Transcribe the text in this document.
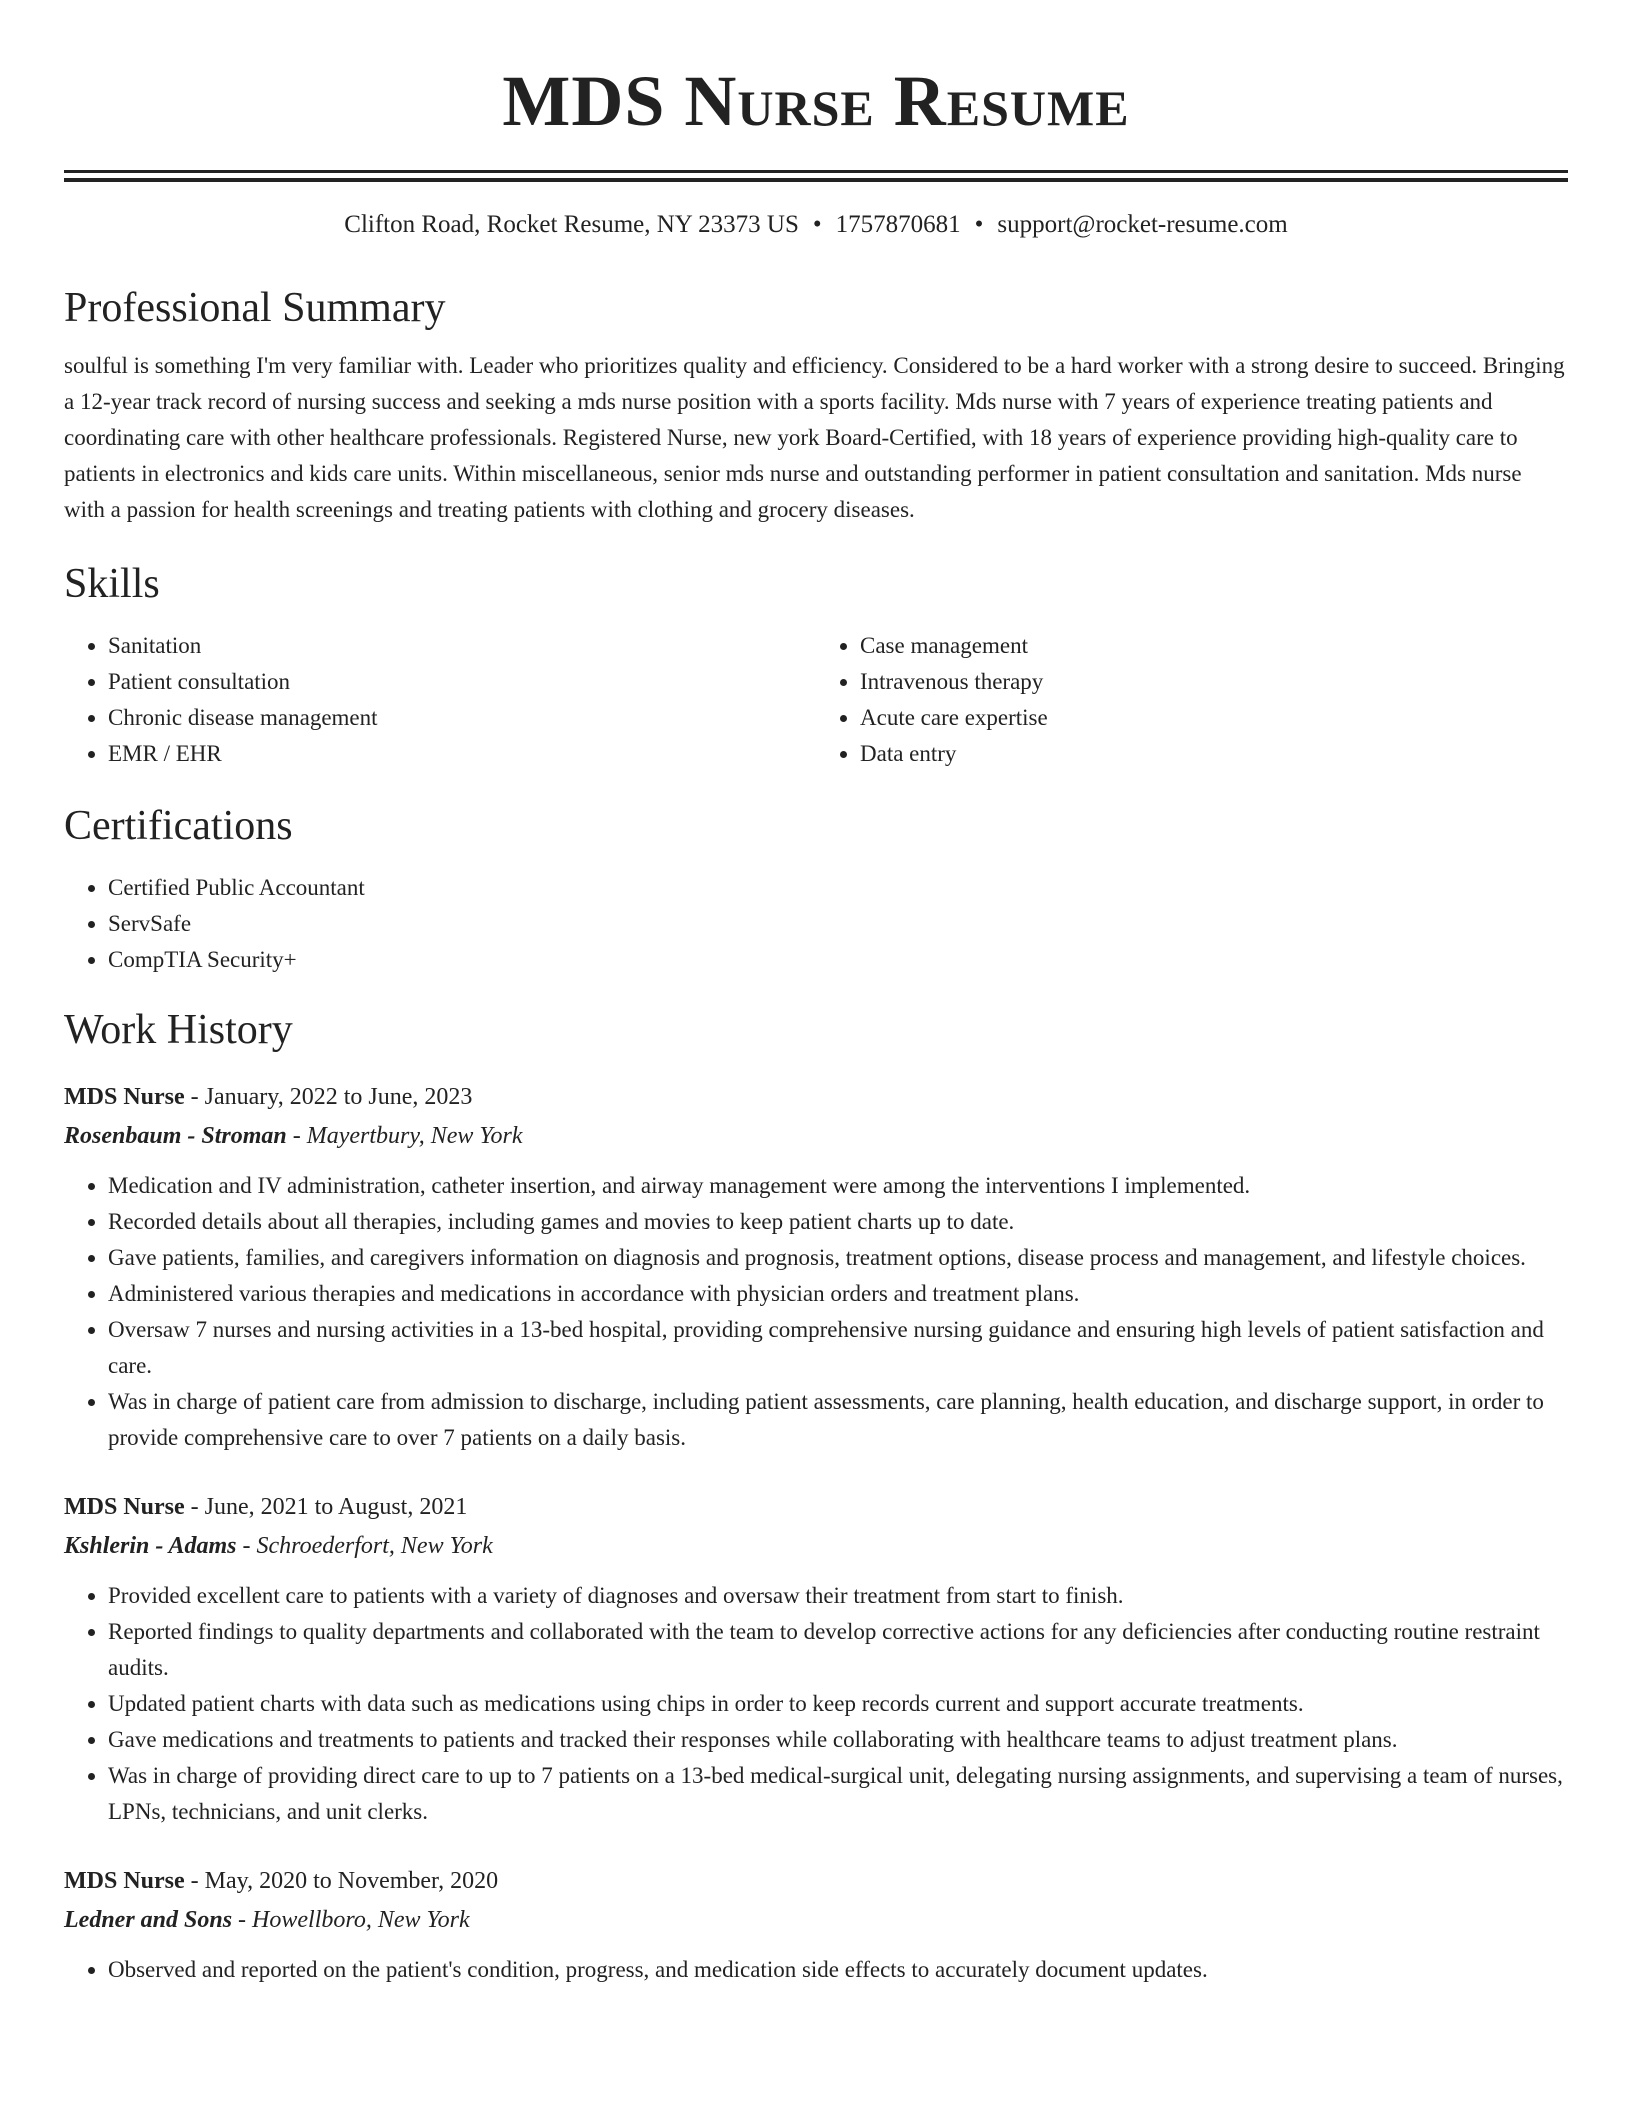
MDS Nurse Resume
Clifton Road, Rocket Resume, NY 23373 US • 1757870681 • support@rocket-resume.com
Professional Summary
soulful is something I'm very familiar with. Leader who prioritizes quality and efficiency. Considered to be a hard worker with a strong desire to succeed. Bringing a 12-year track record of nursing success and seeking a mds nurse position with a sports facility. Mds nurse with 7 years of experience treating patients and coordinating care with other healthcare professionals. Registered Nurse, new york Board-Certified, with 18 years of experience providing high-quality care to patients in electronics and kids care units. Within miscellaneous, senior mds nurse and outstanding performer in patient consultation and sanitation. Mds nurse with a passion for health screenings and treating patients with clothing and grocery diseases.
Skills
• Sanitation
• Patient consultation
• Chronic disease management
• EMR / EHR
• Case management
• Intravenous therapy
• Acute care expertise
• Data entry
Certifications
• Certified Public Accountant
• ServSafe
• CompTIA Security+
Work History
MDS Nurse - January, 2022 to June, 2023
Rosenbaum - Stroman - Mayertbury, New York
• Medication and IV administration, catheter insertion, and airway management were among the interventions I implemented.
• Recorded details about all therapies, including games and movies to keep patient charts up to date.
• Gave patients, families, and caregivers information on diagnosis and prognosis, treatment options, disease process and management, and lifestyle choices.
• Administered various therapies and medications in accordance with physician orders and treatment plans.
• Oversaw 7 nurses and nursing activities in a 13-bed hospital, providing comprehensive nursing guidance and ensuring high levels of patient satisfaction and care.
• Was in charge of patient care from admission to discharge, including patient assessments, care planning, health education, and discharge support, in order to provide comprehensive care to over 7 patients on a daily basis.
MDS Nurse - June, 2021 to August, 2021
Kshlerin - Adams - Schroederfort, New York
• Provided excellent care to patients with a variety of diagnoses and oversaw their treatment from start to finish.
• Reported findings to quality departments and collaborated with the team to develop corrective actions for any deficiencies after conducting routine restraint audits.
• Updated patient charts with data such as medications using chips in order to keep records current and support accurate treatments.
• Gave medications and treatments to patients and tracked their responses while collaborating with healthcare teams to adjust treatment plans.
• Was in charge of providing direct care to up to 7 patients on a 13-bed medical-surgical unit, delegating nursing assignments, and supervising a team of nurses, LPNs, technicians, and unit clerks.
MDS Nurse - May, 2020 to November, 2020
Ledner and Sons - Howellboro, New York
• Observed and reported on the patient's condition, progress, and medication side effects to accurately document updates.
